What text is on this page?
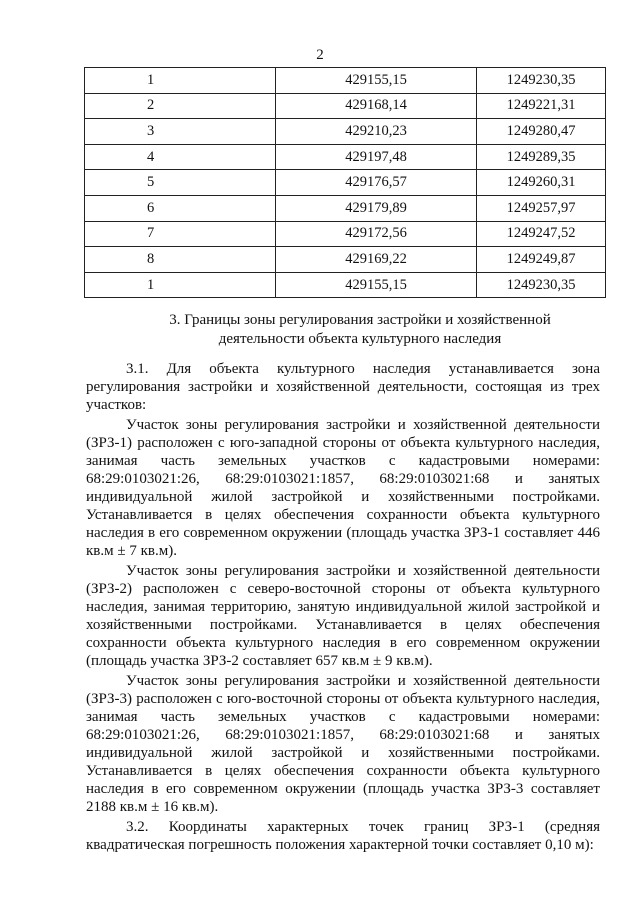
2
1	429155,15	1249230,35
2	429168,14	1249221,31
3	429210,23	1249280,47
4	429197,48	1249289,35
5	429176,57	1249260,31
6	429179,89	1249257,97
7	429172,56	1249247,52
8	429169,22	1249249,87
1	429155,15	1249230,35
3. Границы зоны регулирования застройки и хозяйственной деятельности объекта культурного наследия

3.1. Для объекта культурного наследия устанавливается зона регулирования застройки и хозяйственной деятельности, состоящая из трех участков:

Участок зоны регулирования застройки и хозяйственной деятельности (ЗРЗ-1) расположен с юго-западной стороны от объекта культурного наследия, занимая часть земельных участков с кадастровыми номерами: 68:29:0103021:26, 68:29:0103021:1857, 68:29:0103021:68 и занятых индивидуальной жилой застройкой и хозяйственными постройками. Устанавливается в целях обеспечения сохранности объекта культурного наследия в его современном окружении (площадь участка ЗРЗ-1 составляет 446 кв.м ± 7 кв.м).

Участок зоны регулирования застройки и хозяйственной деятельности (ЗРЗ-2) расположен с северо-восточной стороны от объекта культурного наследия, занимая территорию, занятую индивидуальной жилой застройкой и хозяйственными постройками. Устанавливается в целях обеспечения сохранности объекта культурного наследия в его современном окружении (площадь участка ЗРЗ-2 составляет 657 кв.м ± 9 кв.м).

Участок зоны регулирования застройки и хозяйственной деятельности (ЗРЗ-3) расположен с юго-восточной стороны от объекта культурного наследия, занимая часть земельных участков с кадастровыми номерами: 68:29:0103021:26, 68:29:0103021:1857, 68:29:0103021:68 и занятых индивидуальной жилой застройкой и хозяйственными постройками. Устанавливается в целях обеспечения сохранности объекта культурного наследия в его современном окружении (площадь участка ЗРЗ-3 составляет 2188 кв.м ± 16 кв.м).

3.2. Координаты характерных точек границ ЗРЗ-1 (средняя квадратическая погрешность положения характерной точки составляет 0,10 м):
